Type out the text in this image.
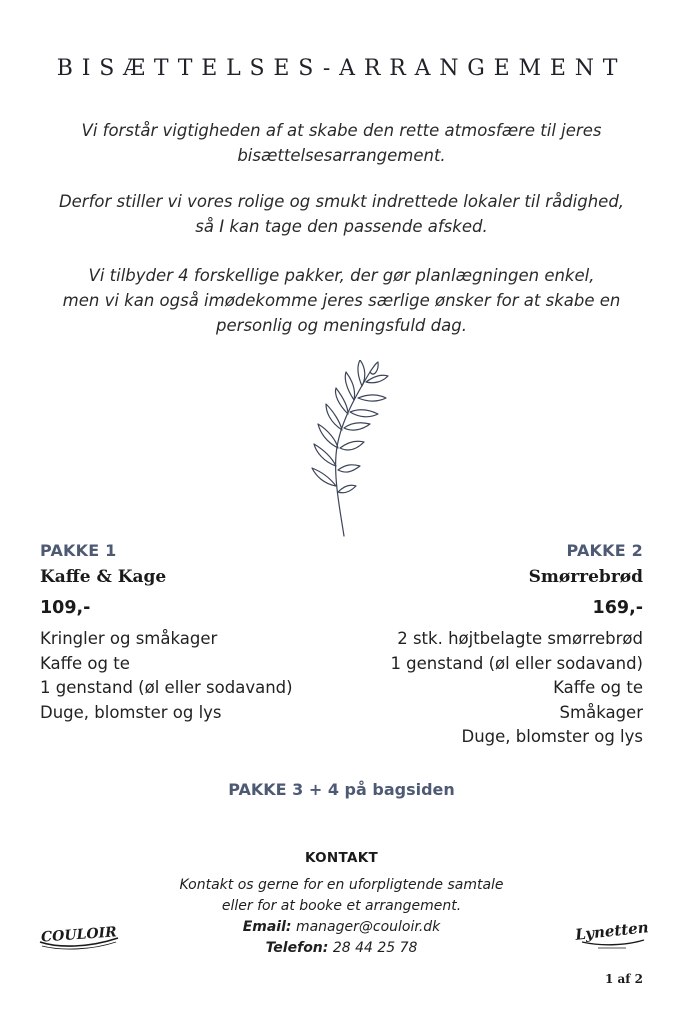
BISÆTTELSES-ARRANGEMENT

Vi forstår vigtigheden af at skabe den rette atmosfære til jeres

bisættelsesarrangement.

Derfor stiller vi vores rolige og smukt indrettede lokaler til rådighed,

så I kan tage den passende afsked.

Vi tilbyder 4 forskellige pakker, der gør planlægningen enkel,

men vi kan også imødekomme jeres særlige ønsker for at skabe en

personlig og meningsfuld dag.

PAKKE 1
Kaffe & Kage
109,-
Kringler og småkager
Kaffe og te
1 genstand (øl eller sodavand)
Duge, blomster og lys
PAKKE 2
Smørrebrød
169,-
2 stk. højtbelagte smørrebrød
1 genstand (øl eller sodavand)
Kaffe og te
Småkager
Duge, blomster og lys
PAKKE 3 + 4 på bagsiden
KONTAKT

Kontakt os gerne for en uforpligtende samtale

eller for at booke et arrangement.

Email: manager@couloir.dk

Telefon: 28 44 25 78

COULOIR	Lynetten
1 af 2
